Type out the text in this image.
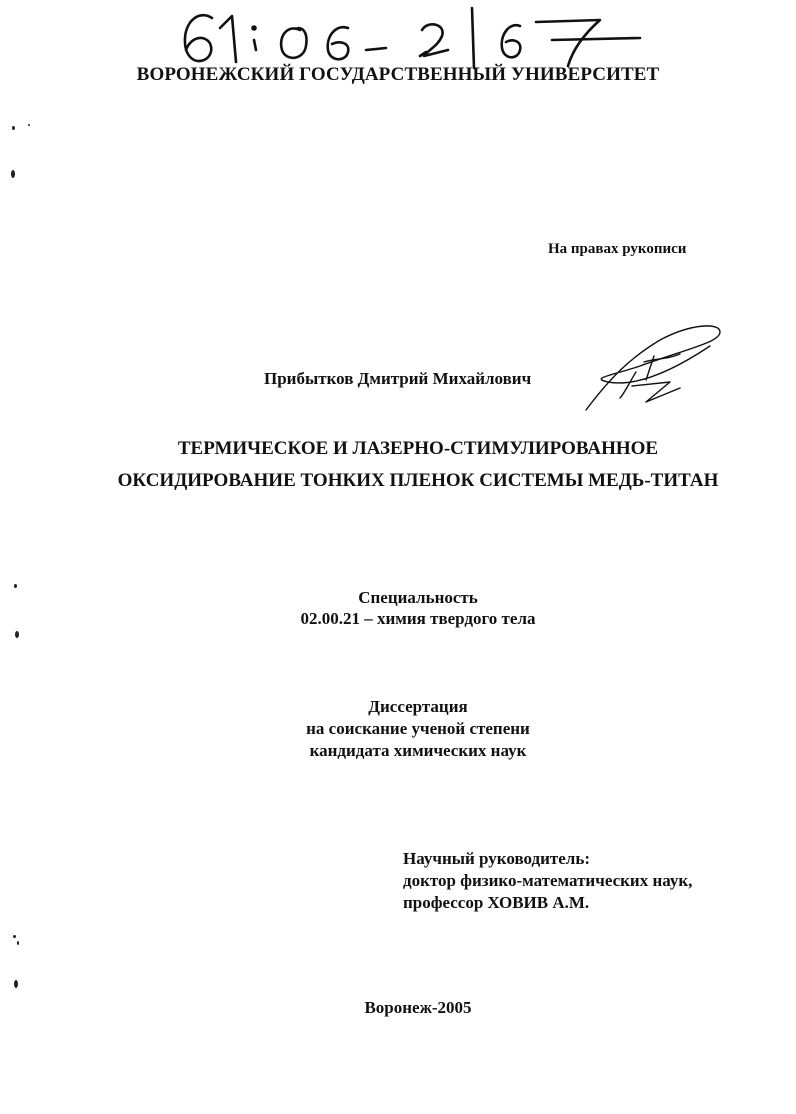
ВОРОНЕЖСКИЙ ГОСУДАРСТВЕННЫЙ УНИВЕРСИТЕТ
На правах рукописи
Прибытков Дмитрий Михайлович
ТЕРМИЧЕСКОЕ И ЛАЗЕРНО-СТИМУЛИРОВАННОЕ
ОКСИДИРОВАНИЕ ТОНКИХ ПЛЕНОК СИСТЕМЫ МЕДЬ-ТИТАН
Специальность
02.00.21 – химия твердого тела
Диссертация
на соискание ученой степени
кандидата химических наук
Научный руководитель:
доктор физико-математических наук,
профессор ХОВИВ А.М.
Воронеж-2005
